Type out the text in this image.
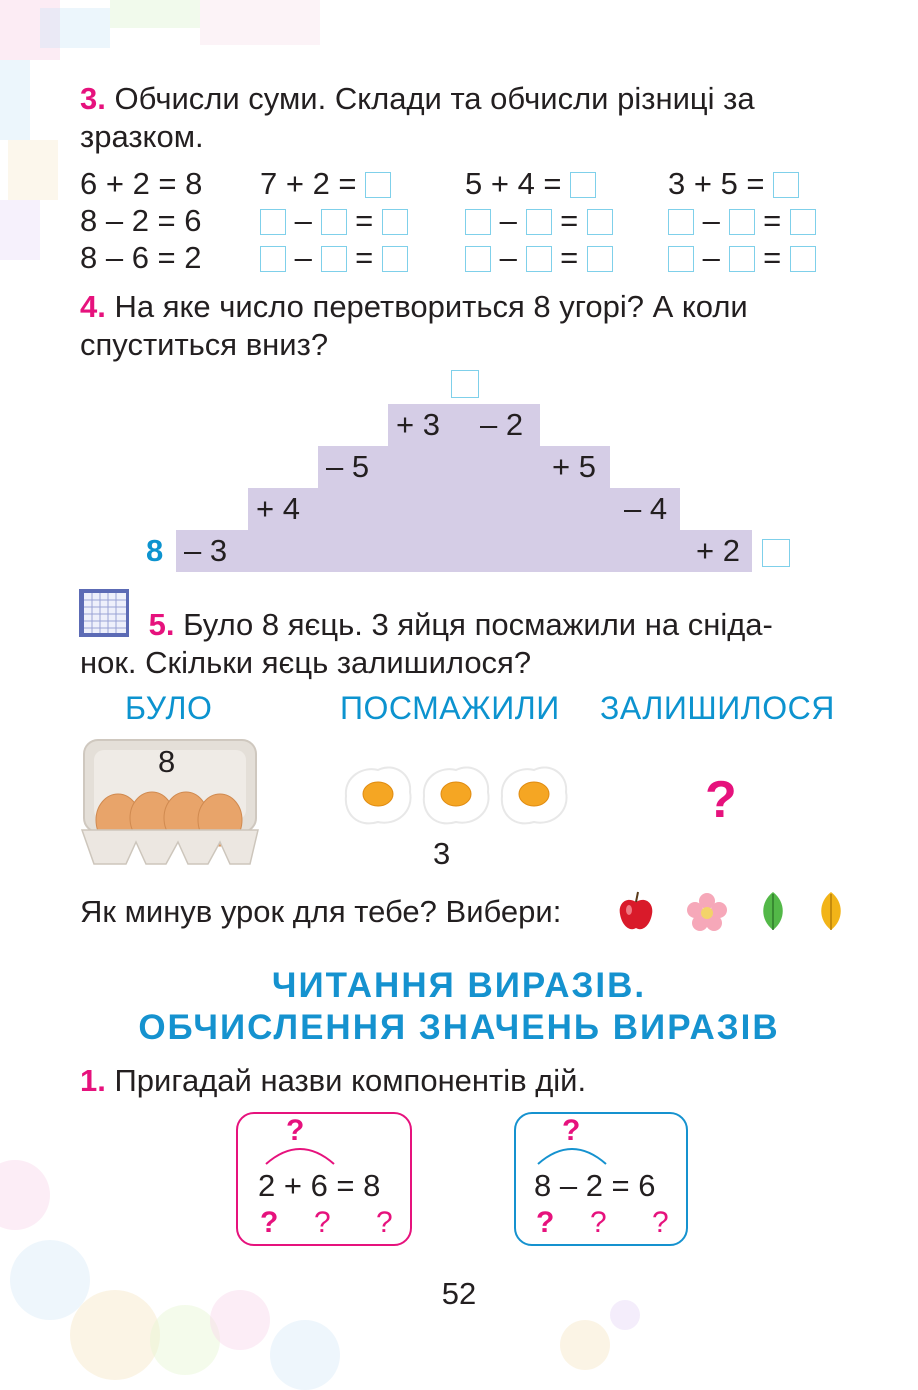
3. Обчисли суми. Склади та обчисли різниці за
зразком.
6 + 2 = 8
8 – 2 = 6
8 – 6 = 2
7 + 2 =
– =
– =
5 + 4 =
– =
– =
3 + 5 =
– =
– =
4. На яке число перетвориться 8 угорі? А коли
спуститься вниз?
8 – 3
+ 4
– 5
+ 3 – 2
+ 5
– 4
+ 2
5. Було 8 яєць. 3 яйця посмажили на сніда-
нок. Скільки яєць залишилося?
БУЛО	ПОСМАЖИЛИ ЗАЛИШИЛОСЯ
8
3
?
Як минув урок для тебе? Вибери:
ЧИТАННЯ ВИРАЗІВ.
ОБЧИСЛЕННЯ ЗНАЧЕНЬ ВИРАЗІВ
1. Пригадай назви компонентів дій.
?
2 + 6 = 8
? ? ?
?
8 – 2 = 6
? ? ?
52
